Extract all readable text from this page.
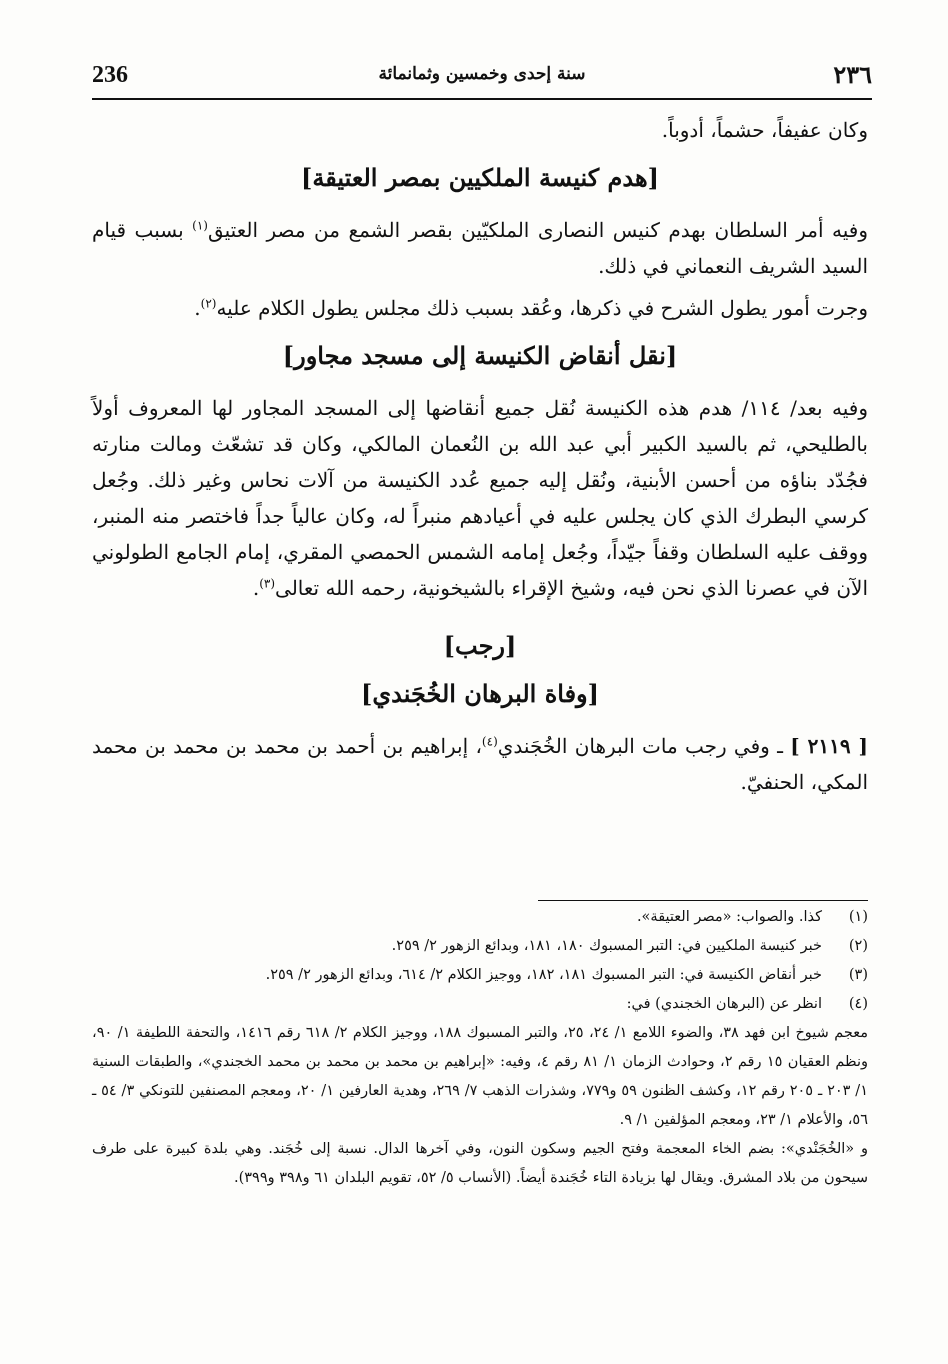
236	سنة إحدى وخمسين وثمانمائة	٢٣٦

وكان عفيفاً، حشماً، أدوباً.

[هدم كنيسة الملكيين بمصر العتيقة]

وفيه أمر السلطان بهدم كنيس النصارى الملكيّين بقصر الشمع من مصر العتيق$^{(١)}$ بسبب قيام السيد الشريف النعماني في ذلك.

وجرت أمور يطول الشرح في ذكرها، وعُقد بسبب ذلك مجلس يطول الكلام عليه$^{(٢)}$.

[نقل أنقاض الكنيسة إلى مسجد مجاور]

وفيه بعد/ ١١٤/ هدم هذه الكنيسة نُقل جميع أنقاضها إلى المسجد المجاور لها المعروف أولاً بالطليحي، ثم بالسيد الكبير أبي عبد الله بن النُعمان المالكي، وكان قد تشعّث ومالت منارته فجُدّد بناؤه من أحسن الأبنية، ونُقل إليه جميع عُدد الكنيسة من آلات نحاس وغير ذلك. وجُعل كرسي البطرك الذي كان يجلس عليه في أعيادهم منبراً له، وكان عالياً جداً فاختصر منه المنبر، ووقف عليه السلطان وقفاً جيّداً، وجُعل إمامه الشمس الحمصي المقري، إمام الجامع الطولوني الآن في عصرنا الذي نحن فيه، وشيخ الإقراء بالشيخونية، رحمه الله تعالى$^{(٣)}$.

[رجب]
[وفاة البرهان الخُجَندي]

[ ٢١١٩ ] ـ وفي رجب مات البرهان الخُجَندي$^{(٤)}$، إبراهيم بن أحمد بن محمد بن محمد بن محمد المكي، الحنفيّ.

(١)
كذا. والصواب: «مصر العتيقة».
(٢)
خبر كنيسة الملكيين في: التبر المسبوك ١٨٠، ١٨١، وبدائع الزهور ٢/ ٢٥٩.
(٣)
خبر أنقاض الكنيسة في: التبر المسبوك ١٨١، ١٨٢، ووجيز الكلام ٢/ ٦١٤، وبدائع الزهور ٢/ ٢٥٩.
(٤)
انظر عن (البرهان الخجندي) في:
معجم شيوخ ابن فهد ٣٨، والضوء اللامع ١/ ٢٤، ٢٥، والتبر المسبوك ١٨٨، ووجيز الكلام ٢/ ٦١٨ رقم ١٤١٦، والتحفة اللطيفة ١/ ٩٠، ونظم العقيان ١٥ رقم ٢، وحوادث الزمان ١/ ٨١ رقم ٤، وفيه: «إبراهيم بن محمد بن محمد بن محمد الخجندي»، والطبقات السنية ١/ ٢٠٣ ـ ٢٠٥ رقم ١٢، وكشف الظنون ٥٩ و٧٧٩، وشذرات الذهب ٧/ ٢٦٩، وهدية العارفين ١/ ٢٠، ومعجم المصنفين للتونكي ٣/ ٥٤ ـ ٥٦، والأعلام ١/ ٢٣، ومعجم المؤلفين ١/ ٩.
و «الخُجَنْدي»: بضم الخاء المعجمة وفتح الجيم وسكون النون، وفي آخرها الدال. نسبة إلى خُجَند. وهي بلدة كبيرة على طرف سيحون من بلاد المشرق. ويقال لها بزيادة التاء خُجَندة أيضاً. (الأنساب ٥/ ٥٢، تقويم البلدان ٦١ و٣٩٨ و٣٩٩).
